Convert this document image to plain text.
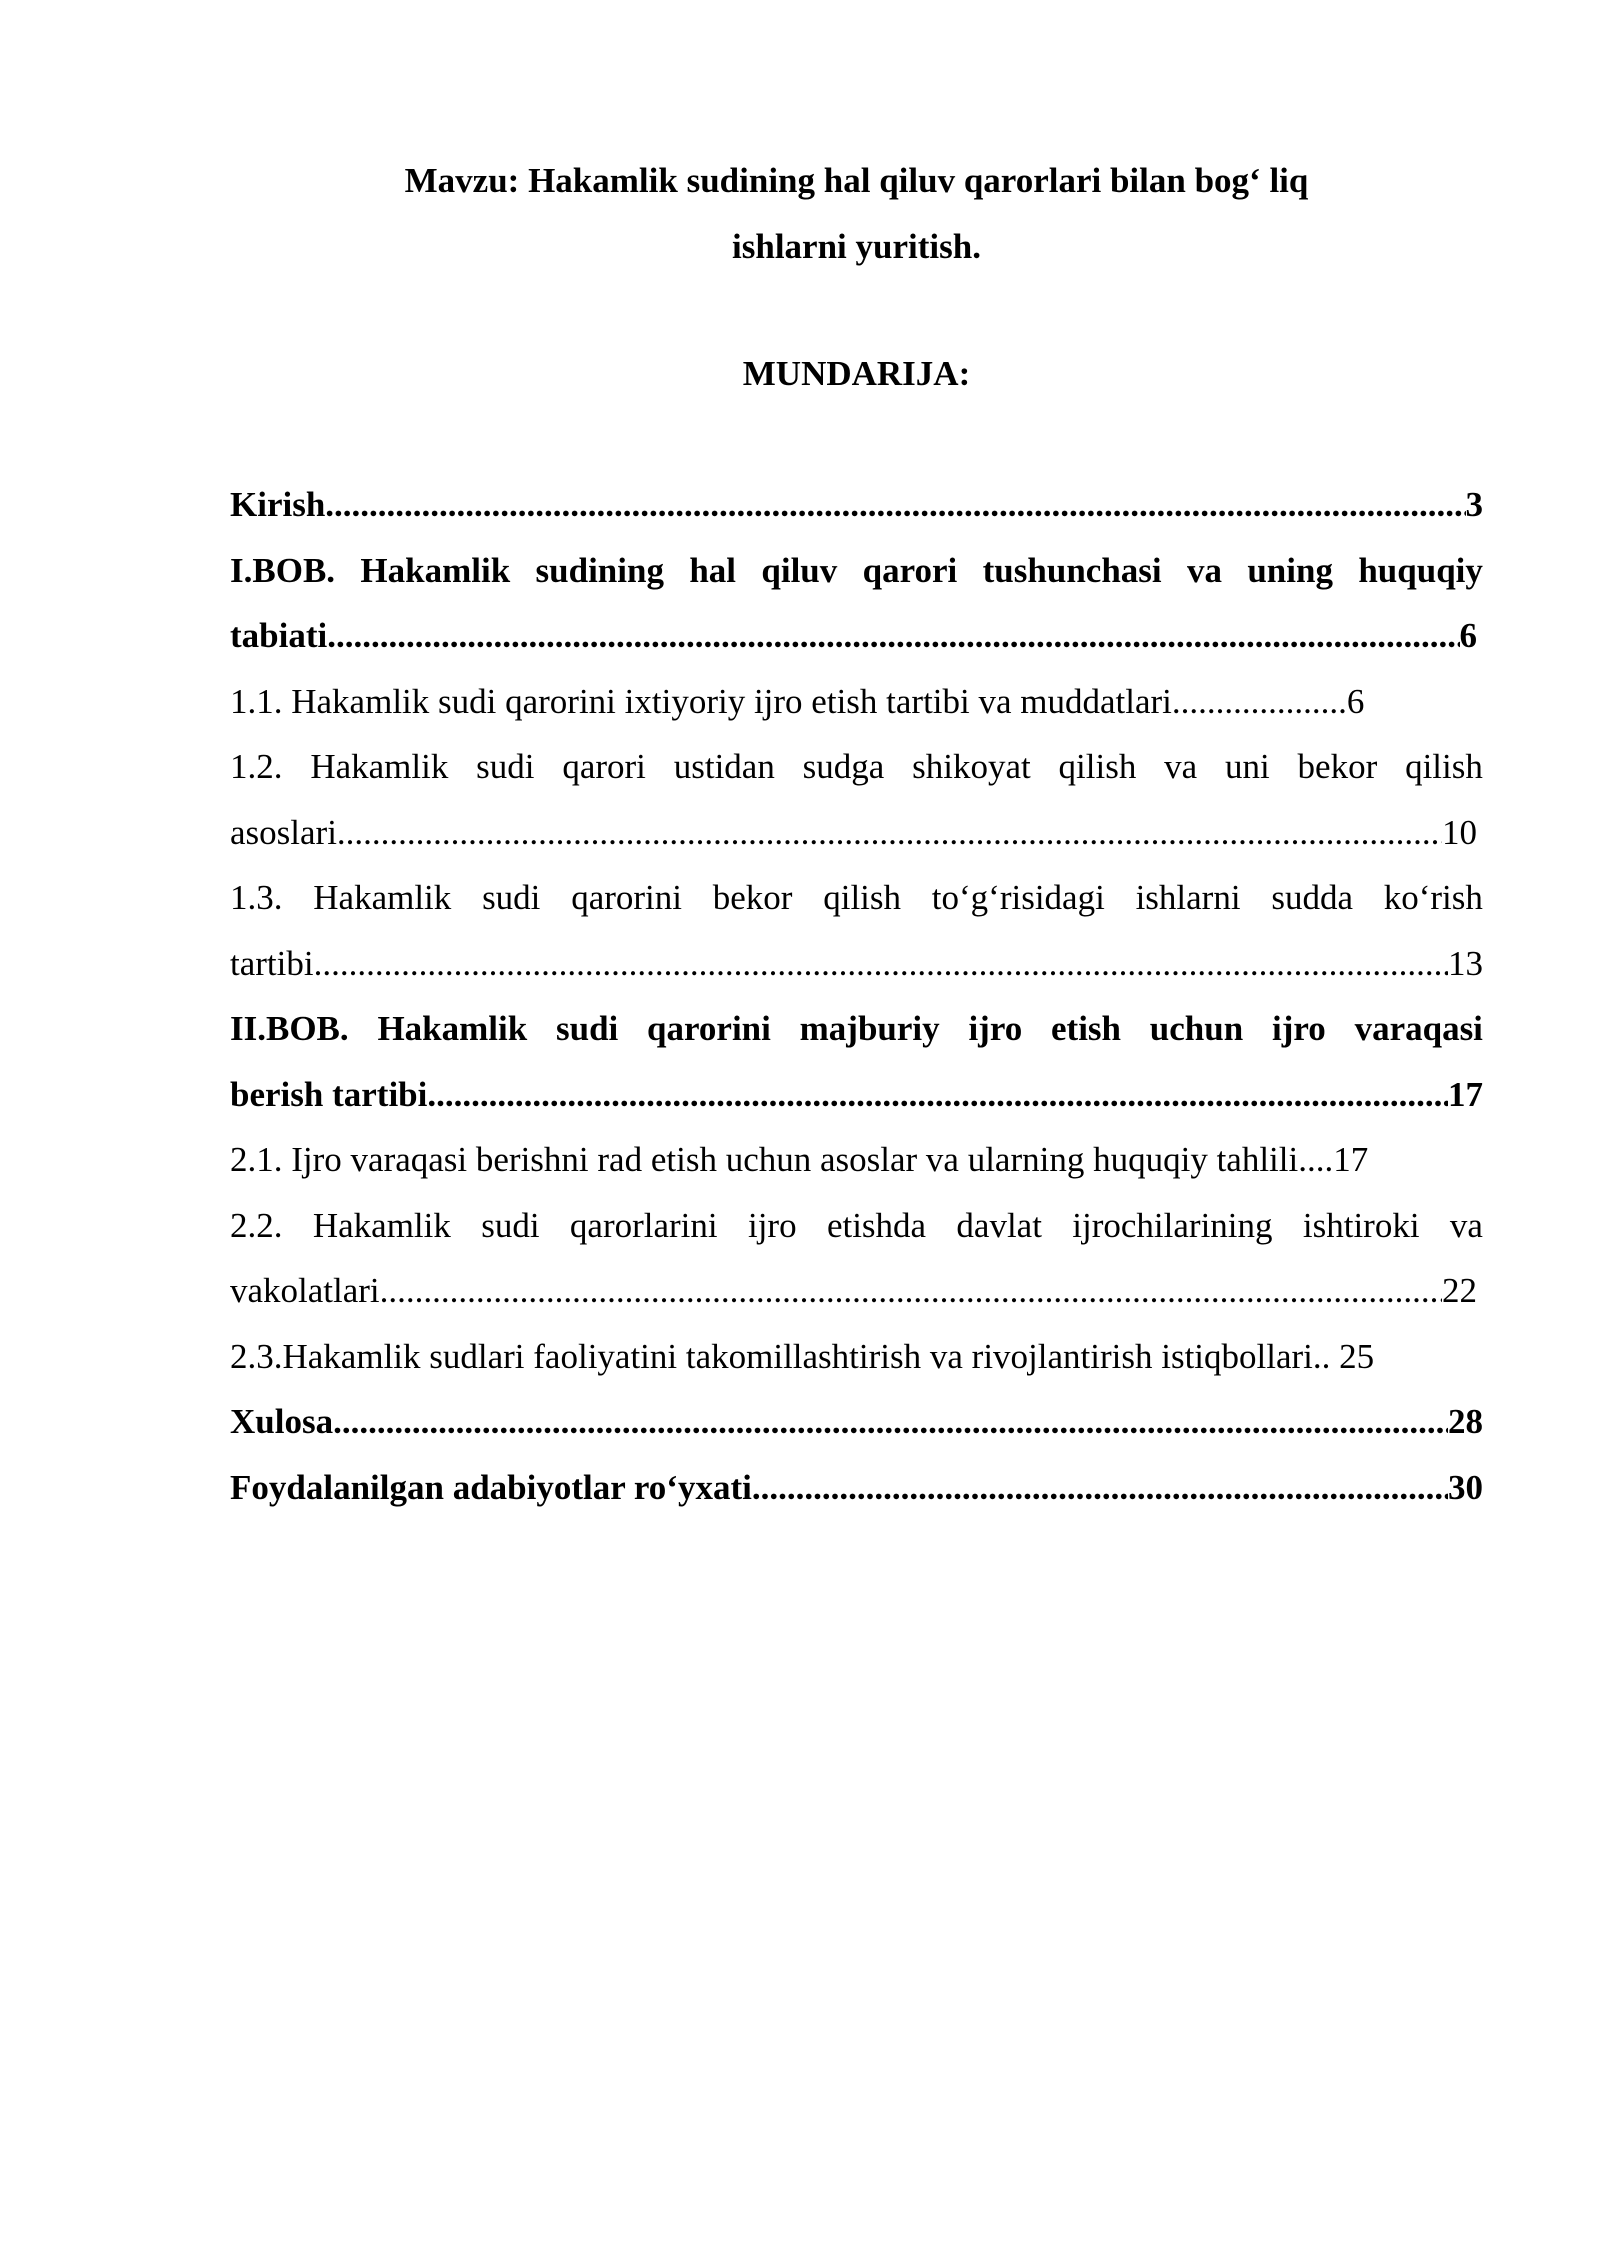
Mavzu: Hakamlik sudining hal qiluv qarorlari bilan bog‘ liq
ishlarni yuritish.
MUNDARIJA:
Kirish .....	3
I.BOB. Hakamlik sudining hal qiluv qarori tushunchasi va uning huquqiy
tabiati .....	6
1.1. Hakamlik sudi qarorini ixtiyoriy ijro etish tartibi va muddatlari....................6
1.2. Hakamlik sudi qarori ustidan sudga shikoyat qilish va uni bekor qilish
asoslari .....	10
1.3. Hakamlik sudi qarorini bekor qilish to‘g‘risidagi ishlarni sudda ko‘rish
tartibi .....	13
II.BOB. Hakamlik sudi qarorini majburiy ijro etish uchun ijro varaqasi
berish tartibi .....	17
2.1. Ijro varaqasi berishni rad etish uchun asoslar va ularning huquqiy tahlili....17
2.2. Hakamlik sudi qarorlarini ijro etishda davlat ijrochilarining ishtiroki va
vakolatlari .....	22
2.3.Hakamlik sudlari faoliyatini takomillashtirish va rivojlantirish istiqbollari.. 25
Xulosa .....	28
Foydalanilgan adabiyotlar ro‘yxati .....	30
